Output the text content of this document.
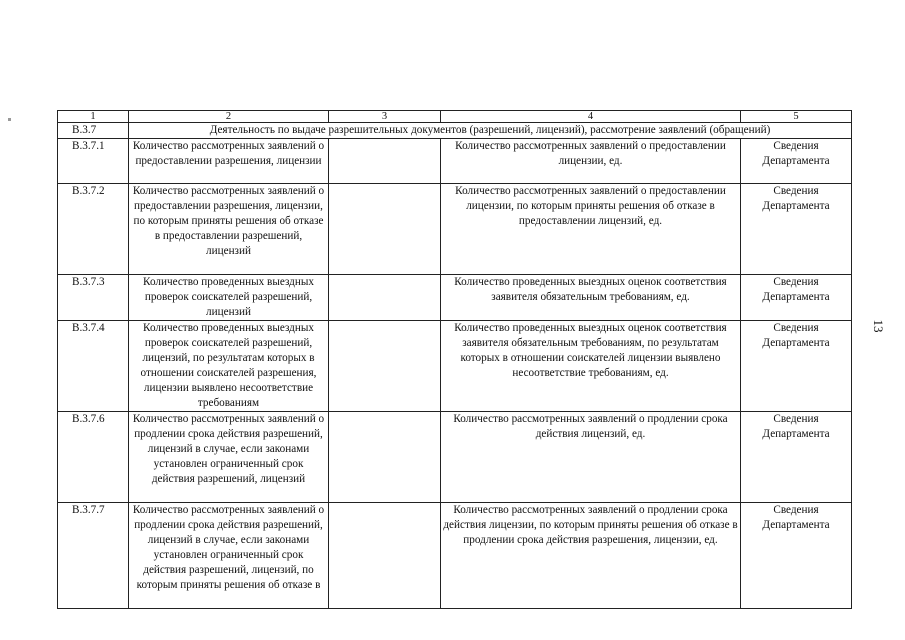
1	2	3	4	5
В.3.7	Деятельность по выдаче разрешительных документов (разрешений, лицензий), рассмотрение заявлений (обращений)			
В.3.7.1	Количество рассмотренных заявлений о предоставлении разрешения, лицензии		Количество рассмотренных заявлений о предоставлении лицензии, ед.	Сведения Департамента
В.3.7.2	Количество рассмотренных заявлений о предоставлении разрешения, лицензии, по которым приняты решения об отказе в предоставлении разрешений, лицензий		Количество рассмотренных заявлений о предоставлении лицензии, по которым приняты решения об отказе в предоставлении лицензий, ед.	Сведения Департамента
В.3.7.3	Количество проведенных выездных проверок соискателей разрешений, лицензий		Количество проведенных выездных оценок соответствия заявителя обязательным требованиям, ед.	Сведения Департамента
В.3.7.4	Количество проведенных выездных проверок соискателей разрешений, лицензий, по результатам которых в отношении соискателей разрешения, лицензии выявлено несоответствие требованиям		Количество проведенных выездных оценок соответствия заявителя обязательным требованиям, по результатам которых в отношении соискателей лицензии выявлено несоответствие требованиям, ед.	Сведения Департамента
В.3.7.6	Количество рассмотренных заявлений о продлении срока действия разрешений, лицензий в случае, если законами установлен ограниченный срок действия разрешений, лицензий		Количество рассмотренных заявлений о продлении срока действия лицензий, ед.	Сведения Департамента
В.3.7.7	Количество рассмотренных заявлений о продлении срока действия разрешений, лицензий в случае, если законами установлен ограниченный срок действия разрешений, лицензий, по которым приняты решения об отказе в		Количество рассмотренных заявлений о продлении срока действия лицензии, по которым приняты решения об отказе в продлении срока действия разрешения, лицензии, ед.	Сведения Департамента
13
